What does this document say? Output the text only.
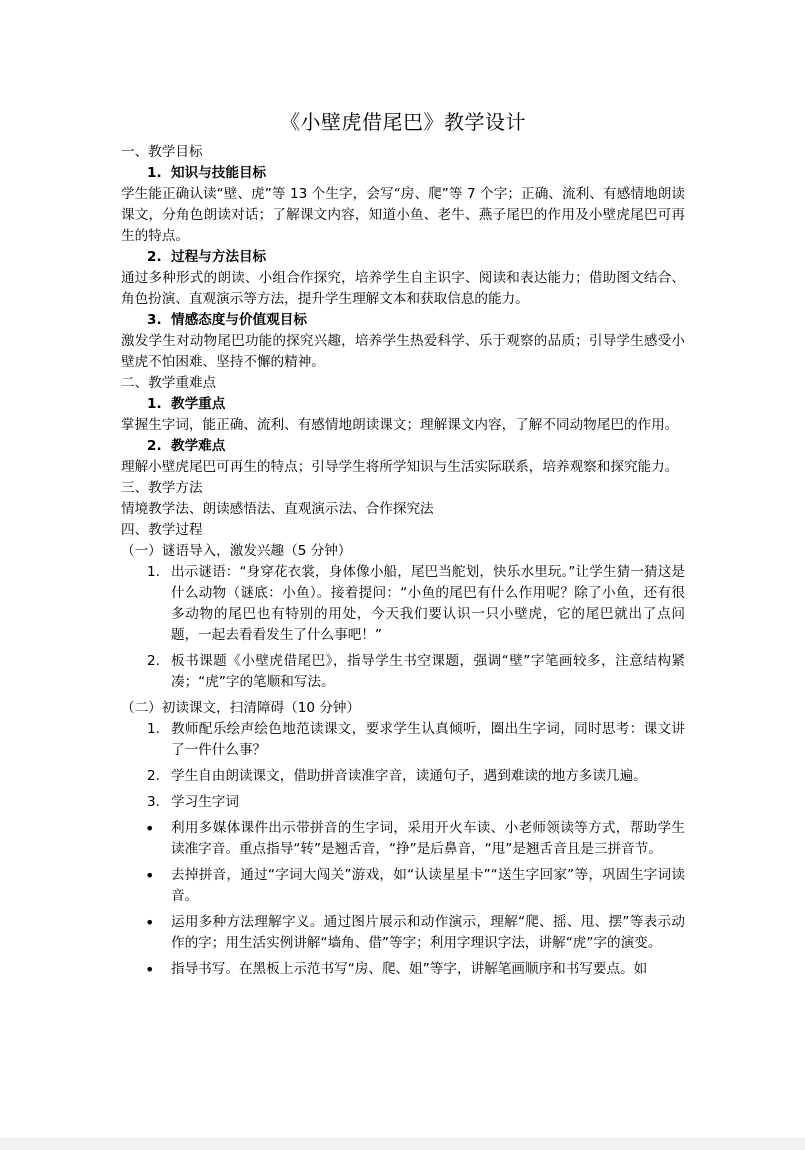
《小壁虎借尾巴》教学设计

一、教学目标

1. 知识与技能目标

学生能正确认读“壁、虎”等 13 个生字，会写“房、爬”等 7 个字；正确、流利、有感情地朗读课文，分角色朗读对话；了解课文内容，知道小鱼、老牛、燕子尾巴的作用及小壁虎尾巴可再生的特点。

2. 过程与方法目标

通过多种形式的朗读、小组合作探究，培养学生自主识字、阅读和表达能力；借助图文结合、角色扮演、直观演示等方法，提升学生理解文本和获取信息的能力。

3. 情感态度与价值观目标

激发学生对动物尾巴功能的探究兴趣，培养学生热爱科学、乐于观察的品质；引导学生感受小壁虎不怕困难、坚持不懈的精神。

二、教学重难点

1. 教学重点

掌握生字词，能正确、流利、有感情地朗读课文；理解课文内容，了解不同动物尾巴的作用。

2. 教学难点

理解小壁虎尾巴可再生的特点；引导学生将所学知识与生活实际联系，培养观察和探究能力。

三、教学方法

情境教学法、朗读感悟法、直观演示法、合作探究法

四、教学过程

（一）谜语导入，激发兴趣（5 分钟）

1. 出示谜语：“身穿花衣裳，身体像小船，尾巴当舵划，快乐水里玩。”让学生猜一猜这是什么动物（谜底：小鱼）。接着提问：“小鱼的尾巴有什么作用呢？除了小鱼，还有很多动物的尾巴也有特别的用处，今天我们要认识一只小壁虎，它的尾巴就出了点问题，一起去看看发生了什么事吧！”
2. 板书课题《小壁虎借尾巴》，指导学生书空课题，强调“壁”字笔画较多，注意结构紧凑；“虎”字的笔顺和写法。

（二）初读课文，扫清障碍（10 分钟）

1. 教师配乐绘声绘色地范读课文，要求学生认真倾听，圈出生字词，同时思考：课文讲了一件什么事？
2. 学生自由朗读课文，借助拼音读准字音，读通句子，遇到难读的地方多读几遍。
3. 学习生字词
• 利用多媒体课件出示带拼音的生字词，采用开火车读、小老师领读等方式，帮助学生读准字音。重点指导“转”是翘舌音，“挣”是后鼻音，“甩”是翘舌音且是三拼音节。
• 去掉拼音，通过“字词大闯关”游戏，如“认读星星卡”“送生字回家”等，巩固生字词读音。
• 运用多种方法理解字义。通过图片展示和动作演示，理解“爬、摇、甩、摆”等表示动作的字；用生活实例讲解“墙角、借”等字；利用字理识字法，讲解“虎”字的演变。
• 指导书写。在黑板上示范书写“房、爬、姐”等字，讲解笔画顺序和书写要点。如
